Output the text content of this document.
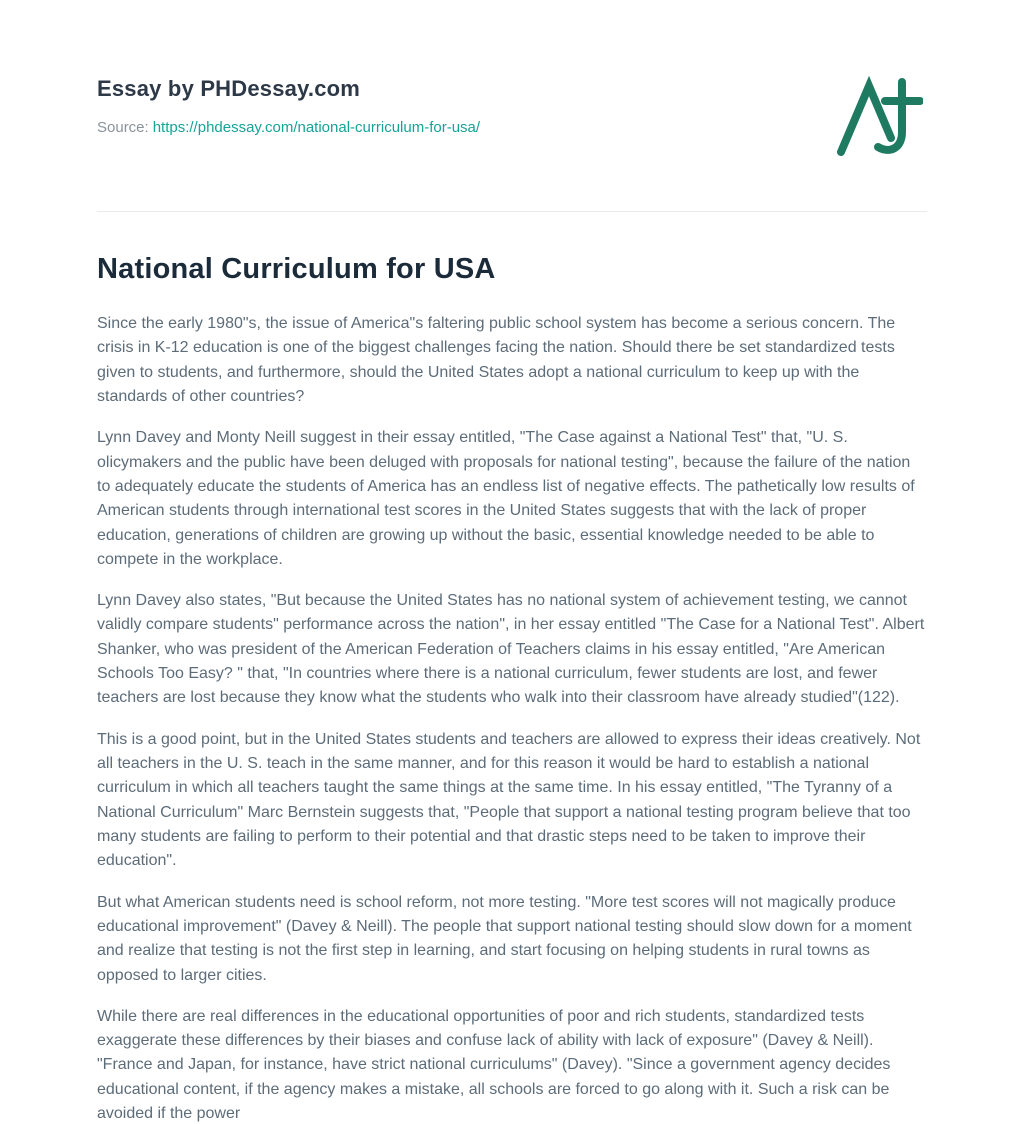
Essay by PHDessay.com
Source: https://phdessay.com/national-curriculum-for-usa/
National Curriculum for USA

Since the early 1980"s, the issue of America"s faltering public school system has become a serious concern. The crisis in K-12 education is one of the biggest challenges facing the nation. Should there be set standardized tests given to students, and furthermore, should the United States adopt a national curriculum to keep up with the standards of other countries?

Lynn Davey and Monty Neill suggest in their essay entitled, "The Case against a National Test" that, "U. S. olicymakers and the public have been deluged with proposals for national testing", because the failure of the nation to adequately educate the students of America has an endless list of negative effects. The pathetically low results of American students through international test scores in the United States suggests that with the lack of proper education, generations of children are growing up without the basic, essential knowledge needed to be able to compete in the workplace.

Lynn Davey also states, "But because the United States has no national system of achievement testing, we cannot validly compare students" performance across the nation", in her essay entitled "The Case for a National Test". Albert Shanker, who was president of the American Federation of Teachers claims in his essay entitled, "Are American Schools Too Easy? " that, "In countries where there is a national curriculum, fewer students are lost, and fewer teachers are lost because they know what the students who walk into their classroom have already studied"(122).

This is a good point, but in the United States students and teachers are allowed to express their ideas creatively. Not all teachers in the U. S. teach in the same manner, and for this reason it would be hard to establish a national curriculum in which all teachers taught the same things at the same time. In his essay entitled, "The Tyranny of a National Curriculum" Marc Bernstein suggests that, "People that support a national testing program believe that too many students are failing to perform to their potential and that drastic steps need to be taken to improve their education".

But what American students need is school reform, not more testing. "More test scores will not magically produce educational improvement" (Davey & Neill). The people that support national testing should slow down for a moment and realize that testing is not the first step in learning, and start focusing on helping students in rural towns as opposed to larger cities.

While there are real differences in the educational opportunities of poor and rich students, standardized tests exaggerate these differences by their biases and confuse lack of ability with lack of exposure" (Davey & Neill). "France and Japan, for instance, have strict national curriculums" (Davey). "Since a government agency decides educational content, if the agency makes a mistake, all schools are forced to go along with it. Such a risk can be avoided if the power
